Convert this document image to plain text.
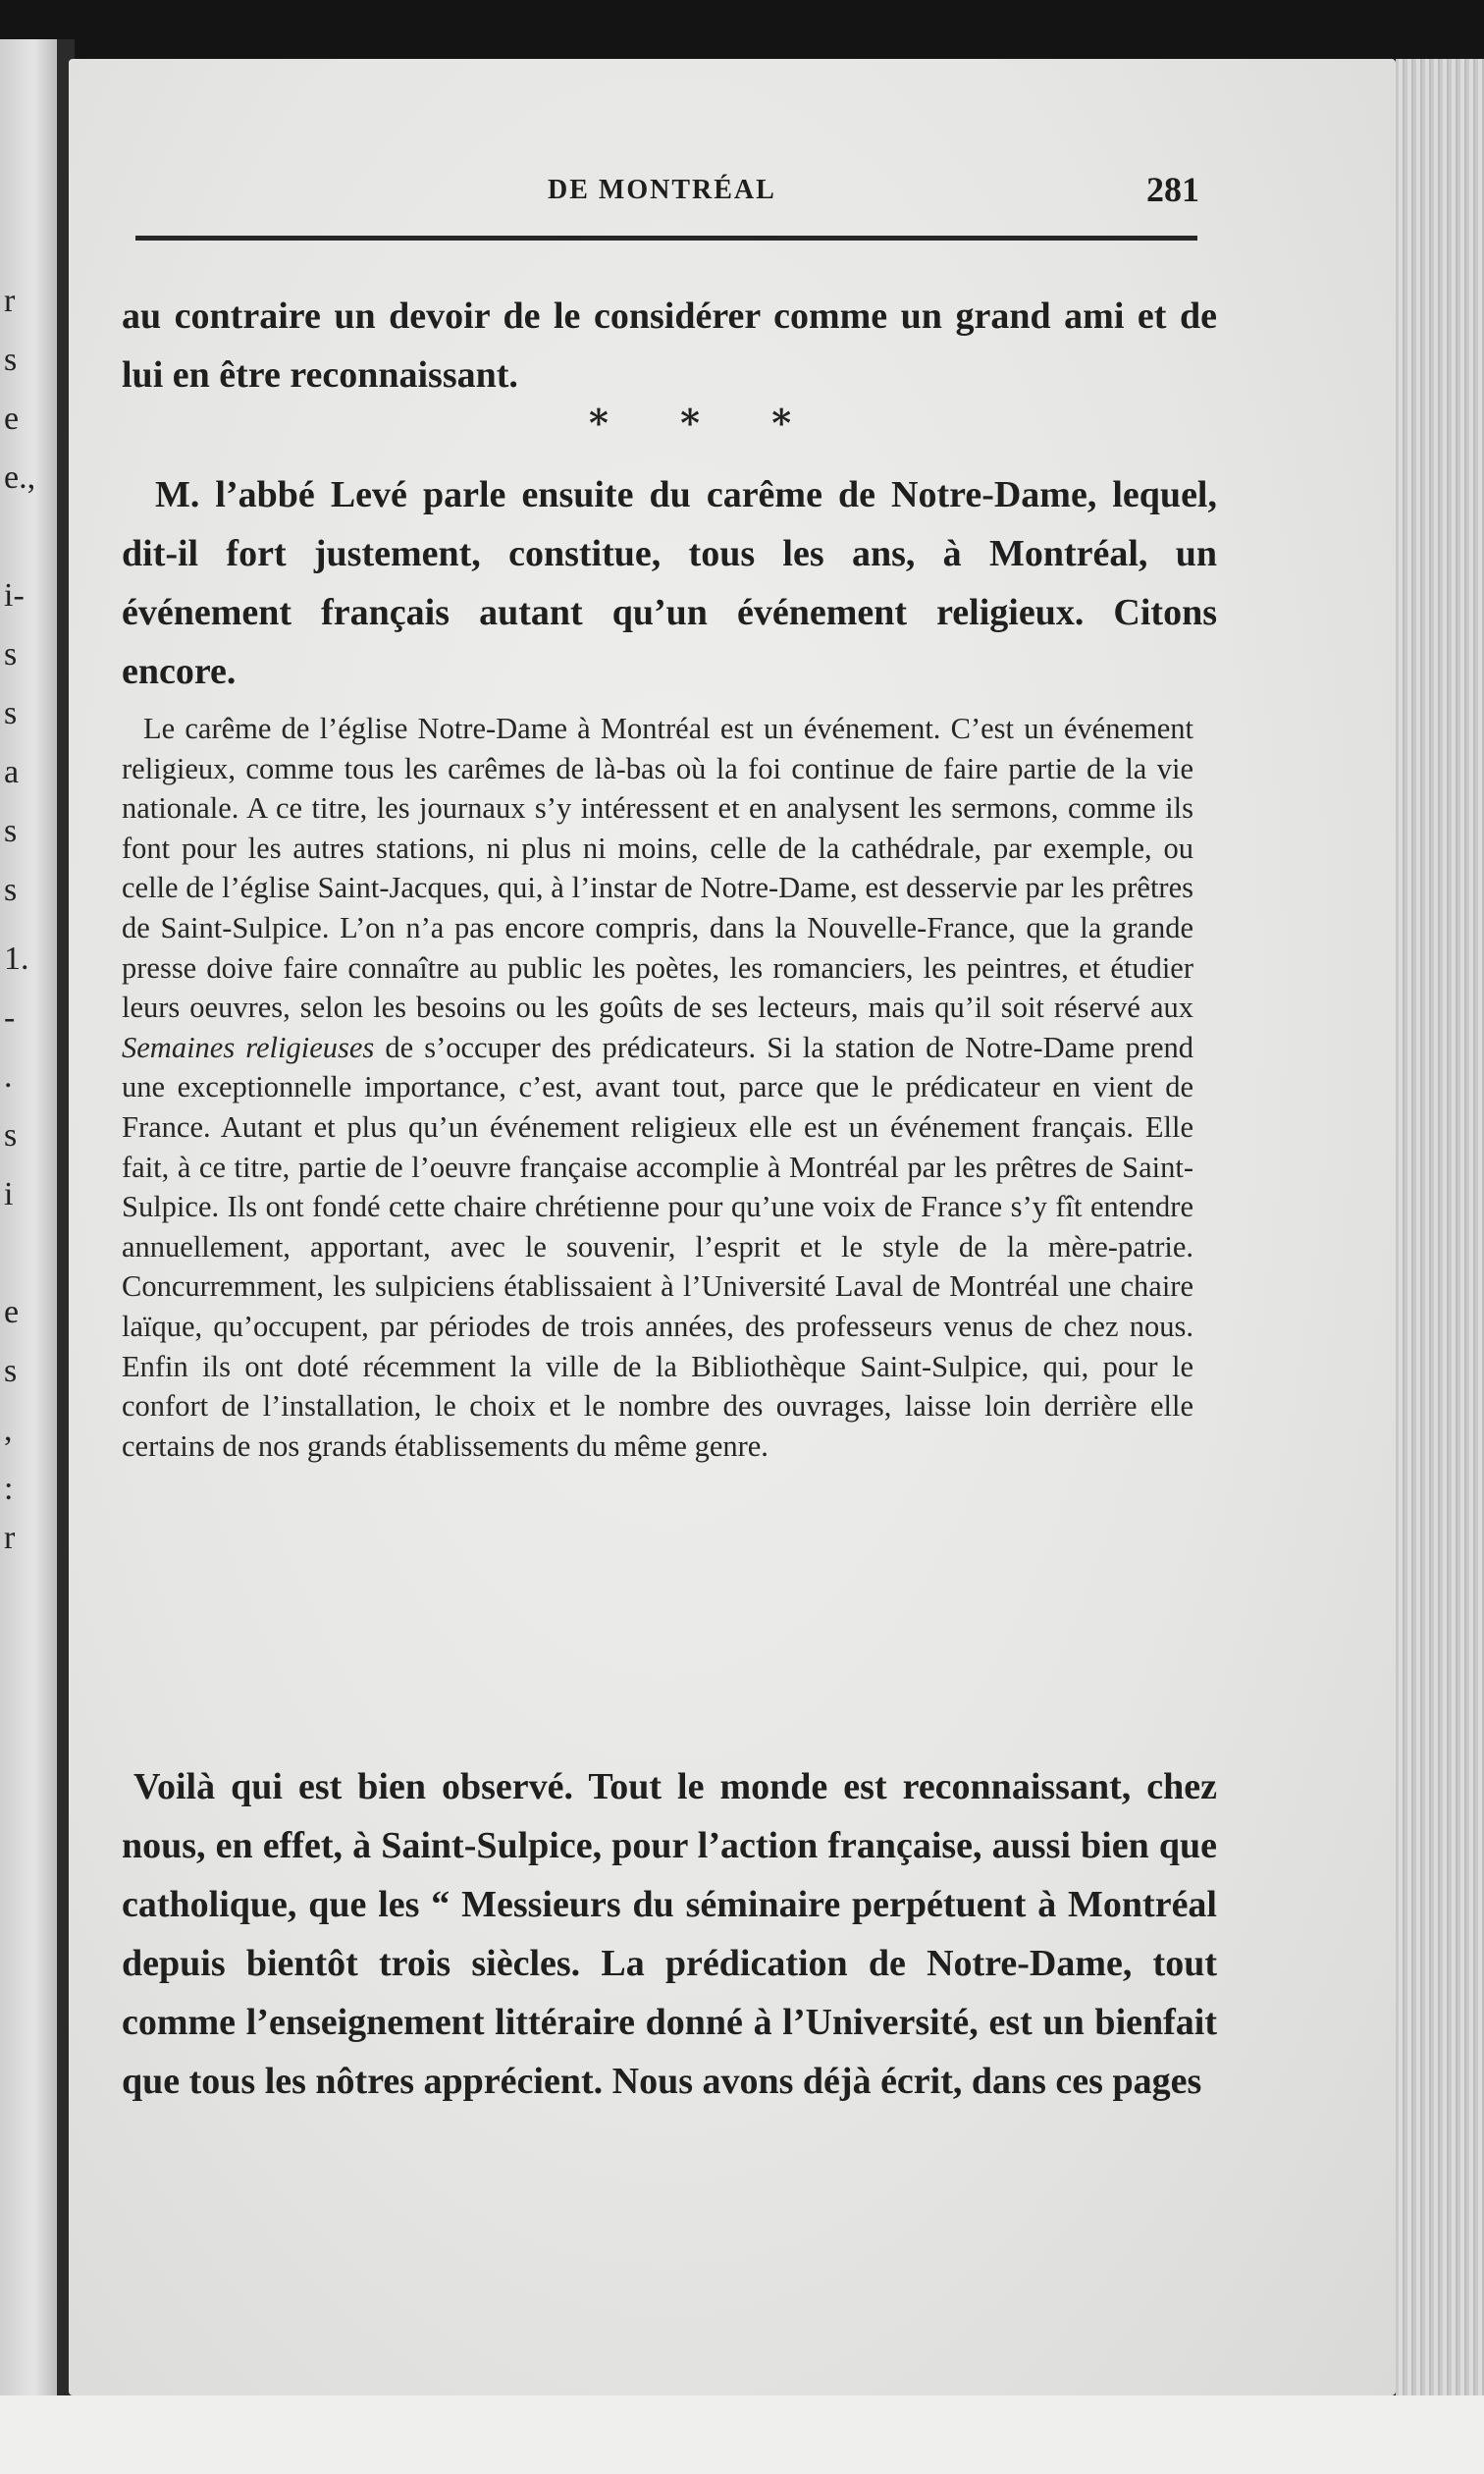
r
s
e
e.,
i-
s
s
a
s
s
1.
-
.
s
i
e
s
,
:
r
DE MONTRÉAL	281
au contraire un devoir de le considérer comme un grand ami et de lui en être reconnaissant.
* * *
M. l’abbé Levé parle ensuite du carême de Notre-Dame, lequel, dit-il fort justement, constitue, tous les ans, à Montréal, un événement français autant qu’un événement religieux. Citons encore.
Le carême de l’église Notre-Dame à Montréal est un événement. C’est un événement religieux, comme tous les carêmes de là-bas où la foi continue de faire partie de la vie nationale. A ce titre, les journaux s’y intéressent et en analysent les sermons, comme ils font pour les autres stations, ni plus ni moins, celle de la cathédrale, par exemple, ou celle de l’église Saint-Jacques, qui, à l’instar de Notre-Dame, est desservie par les prêtres de Saint-Sulpice. L’on n’a pas encore compris, dans la Nouvelle-France, que la grande presse doive faire connaître au public les poètes, les romanciers, les peintres, et étudier leurs oeuvres, selon les besoins ou les goûts de ses lecteurs, mais qu’il soit réservé aux Semaines religieuses de s’occuper des prédicateurs. Si la station de Notre-Dame prend une exceptionnelle importance, c’est, avant tout, parce que le prédicateur en vient de France. Autant et plus qu’un événement religieux elle est un événement français. Elle fait, à ce titre, partie de l’oeuvre française accomplie à Montréal par les prêtres de Saint-Sulpice. Ils ont fondé cette chaire chrétienne pour qu’une voix de France s’y fît entendre annuellement, apportant, avec le souvenir, l’esprit et le style de la mère-patrie. Concurremment, les sulpiciens établissaient à l’Université Laval de Montréal une chaire laïque, qu’occupent, par périodes de trois années, des professeurs venus de chez nous. Enfin ils ont doté récemment la ville de la Bibliothèque Saint-Sulpice, qui, pour le confort de l’installation, le choix et le nombre des ouvrages, laisse loin derrière elle certains de nos grands établissements du même genre.
Voilà qui est bien observé. Tout le monde est reconnaissant, chez nous, en effet, à Saint-Sulpice, pour l’action française, aussi bien que catholique, que les “ Messieurs du séminaire perpétuent à Montréal depuis bientôt trois siècles. La prédication de Notre-Dame, tout comme l’enseignement littéraire donné à l’Université, est un bienfait que tous les nôtres apprécient. Nous avons déjà écrit, dans ces pages
